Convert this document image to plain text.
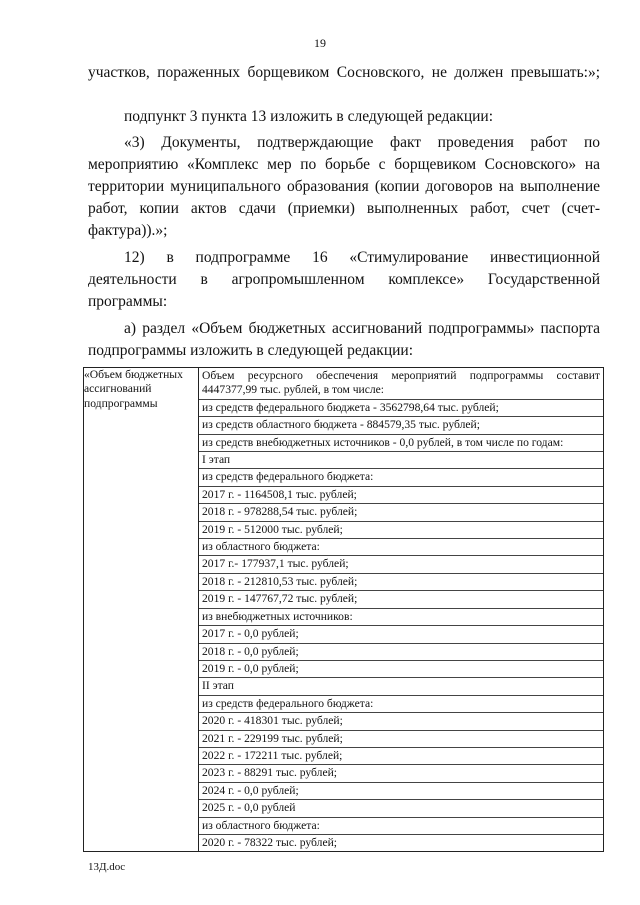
19

участков, пораженных борщевиком Сосновского, не должен превышать:»;

подпункт 3 пункта 13 изложить в следующей редакции:

«3) Документы, подтверждающие факт проведения работ по мероприятию «Комплекс мер по борьбе с борщевиком Сосновского» на территории муниципального образования (копии договоров на выполнение работ, копии актов сдачи (приемки) выполненных работ, счет (счет-фактура)).»;

12) в подпрограмме 16 «Стимулирование инвестиционной деятельности в агропромышленном комплексе» Государственной программы:

а) раздел «Объем бюджетных ассигнований подпрограммы» паспорта подпрограммы изложить в следующей редакции:

«Объем бюджетных ассигнований подпрограммы	
Объем ресурсного обеспечения мероприятий подпрограммы составит 4447377,99 тыс. рублей, в том числе:
из средств федерального бюджета - 3562798,64 тыс. рублей;
из средств областного бюджета - 884579,35 тыс. рублей;
из средств внебюджетных источников - 0,0 рублей, в том числе по годам:
I этап
из средств федерального бюджета:
2017 г. - 1164508,1 тыс. рублей;
2018 г. - 978288,54 тыс. рублей;
2019 г. - 512000 тыс. рублей;
из областного бюджета:
2017 г.- 177937,1 тыс. рублей;
2018 г. - 212810,53 тыс. рублей;
2019 г. - 147767,72 тыс. рублей;
из внебюджетных источников:
2017 г. - 0,0 рублей;
2018 г. - 0,0 рублей;
2019 г. - 0,0 рублей;
II этап
из средств федерального бюджета:
2020 г. - 418301 тыс. рублей;
2021 г. - 229199 тыс. рублей;
2022 г. - 172211 тыс. рублей;
2023 г. - 88291 тыс. рублей;
2024 г. - 0,0 рублей;
2025 г. - 0,0 рублей
из областного бюджета:
2020 г. - 78322 тыс. рублей;
13Д.doc
